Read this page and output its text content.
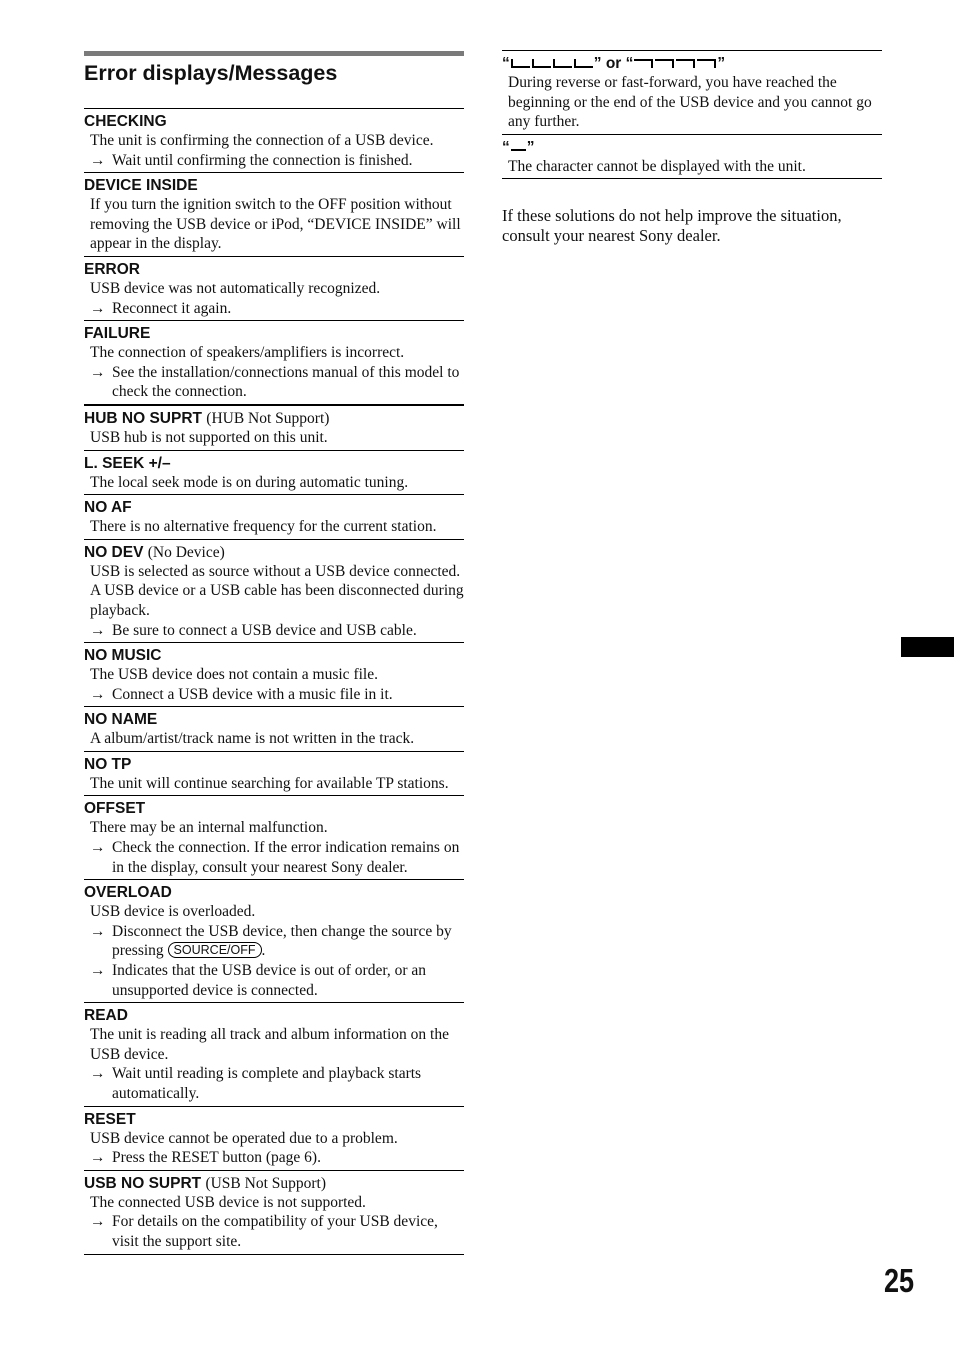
Error displays/Messages
CHECKING
The unit is confirming the connection of a USB device.
→ Wait until confirming the connection is finished.
DEVICE INSIDE
If you turn the ignition switch to the OFF position without removing the USB device or iPod, “DEVICE INSIDE” will appear in the display.
ERROR
USB device was not automatically recognized.
→ Reconnect it again.
FAILURE
The connection of speakers/amplifiers is incorrect.
→ See the installation/connections manual of this model to check the connection.
HUB NO SUPRT (HUB Not Support)
USB hub is not supported on this unit.
L. SEEK +/–
The local seek mode is on during automatic tuning.
NO AF
There is no alternative frequency for the current station.
NO DEV (No Device)
USB is selected as source without a USB device connected. A USB device or a USB cable has been disconnected during playback.
→ Be sure to connect a USB device and USB cable.
NO MUSIC
The USB device does not contain a music file.
→ Connect a USB device with a music file in it.
NO NAME
A album/artist/track name is not written in the track.
NO TP
The unit will continue searching for available TP stations.
OFFSET
There may be an internal malfunction.
→ Check the connection. If the error indication remains on in the display, consult your nearest Sony dealer.
OVERLOAD
USB device is overloaded.
→ Disconnect the USB device, then change the source by pressing SOURCE/OFF .
→ Indicates that the USB device is out of order, or an unsupported device is connected.
READ
The unit is reading all track and album information on the USB device.
→ Wait until reading is complete and playback starts automatically.
RESET
USB device cannot be operated due to a problem.
→ Press the RESET button (page 6).
USB NO SUPRT (USB Not Support)
The connected USB device is not supported.
→ For details on the compatibility of your USB device, visit the support site.
“	” or “	”
During reverse or fast-forward, you have reached the beginning or the end of the USB device and you cannot go any further.
“ ”
The character cannot be displayed with the unit.
If these solutions do not help improve the situation, consult your nearest Sony dealer.
25
